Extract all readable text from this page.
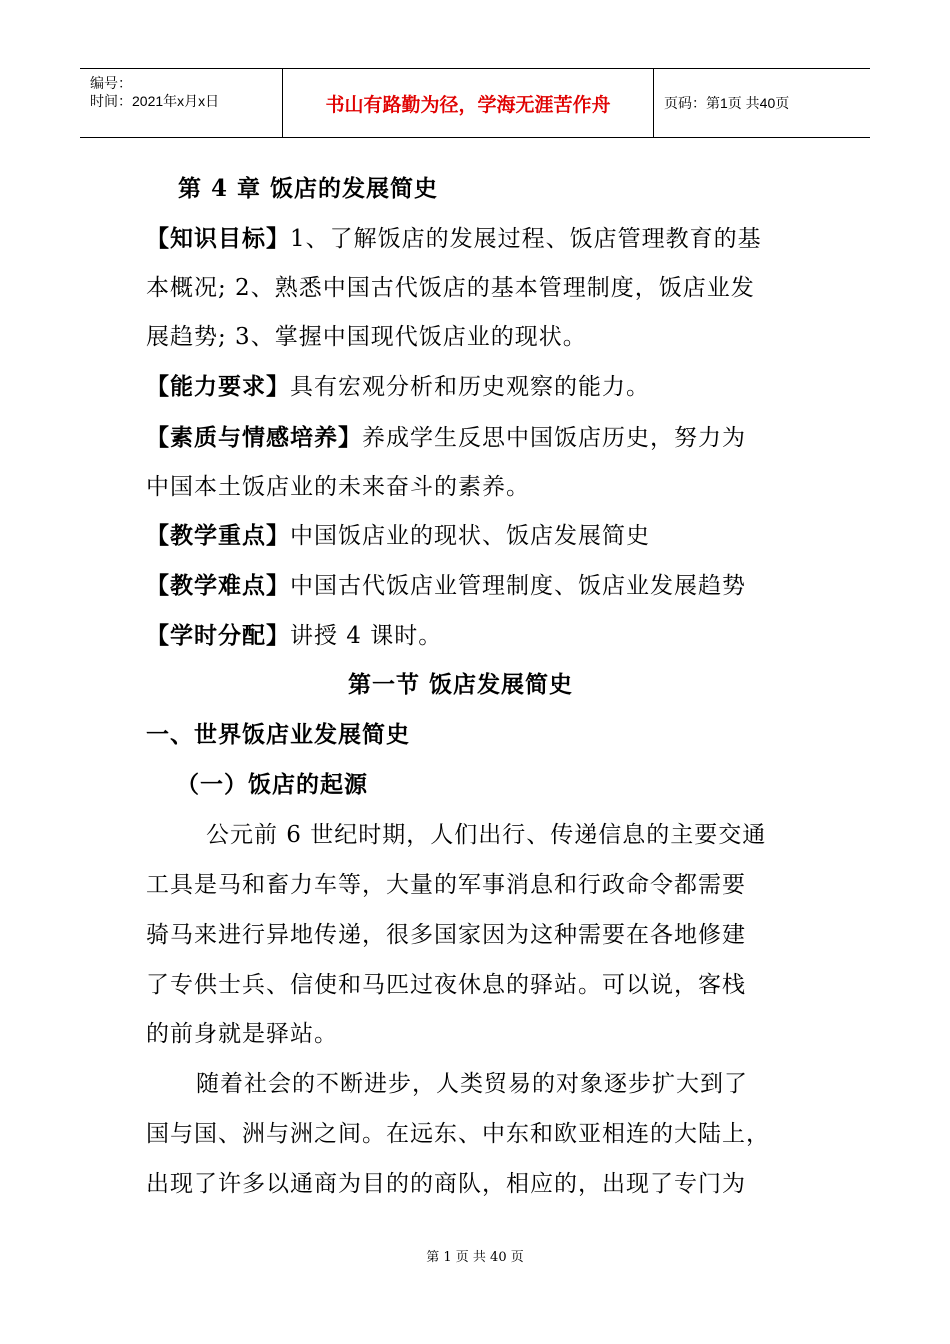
编号：
时间：2021年x月x日	书山有路勤为径，学海无涯苦作舟	页码：第1页 共40页
第 4 章 饭店的发展简史
【知识目标】1、了解饭店的发展过程、饭店管理教育的基
本概况; 2、熟悉中国古代饭店的基本管理制度，饭店业发
展趋势; 3、掌握中国现代饭店业的现状。
【能力要求】具有宏观分析和历史观察的能力。
【素质与情感培养】养成学生反思中国饭店历史，努力为
中国本土饭店业的未来奋斗的素养。
【教学重点】中国饭店业的现状、饭店发展简史
【教学难点】中国古代饭店业管理制度、饭店业发展趋势
【学时分配】讲授 4 课时。
第一节 饭店发展简史
一、世界饭店业发展简史
（一）饭店的起源
公元前 6 世纪时期，人们出行、传递信息的主要交通
工具是马和畜力车等，大量的军事消息和行政命令都需要
骑马来进行异地传递，很多国家因为这种需要在各地修建
了专供士兵、信使和马匹过夜休息的驿站。可以说，客栈
的前身就是驿站。
随着社会的不断进步，人类贸易的对象逐步扩大到了
国与国、洲与洲之间。在远东、中东和欧亚相连的大陆上，
出现了许多以通商为目的的商队，相应的，出现了专门为
第 1 页 共 40 页
